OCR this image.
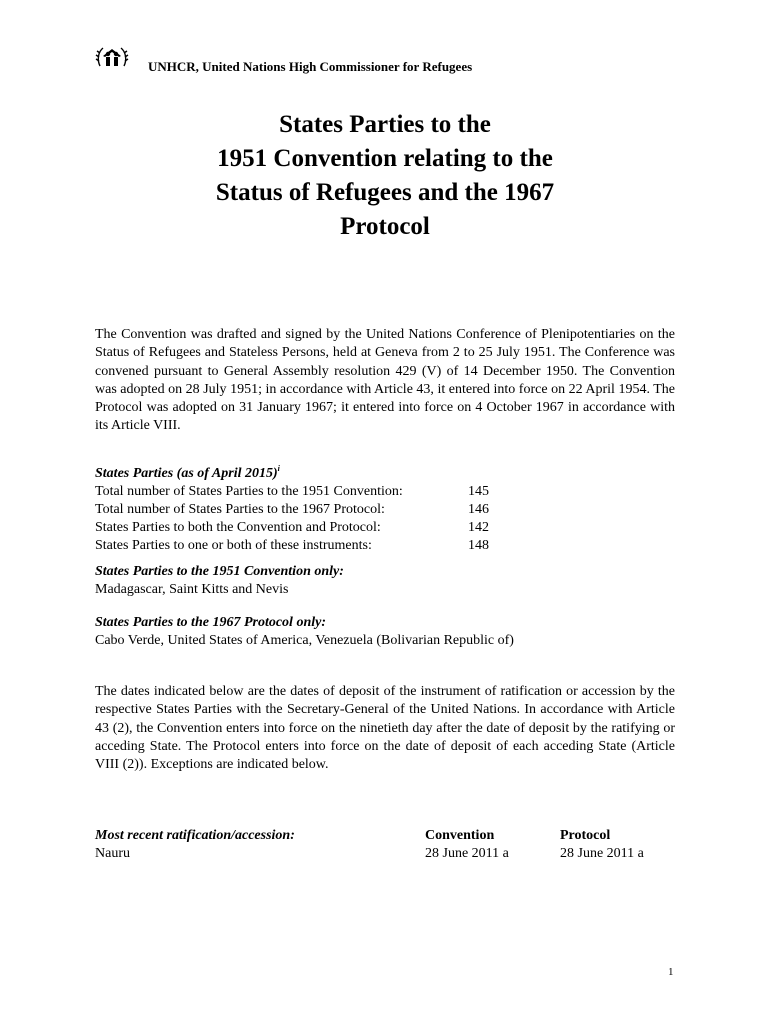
UNHCR, United Nations High Commissioner for Refugees
States Parties to the
1951 Convention relating to the
Status of Refugees and the 1967
Protocol
The Convention was drafted and signed by the United Nations Conference of Plenipotentiaries on the Status of Refugees and Stateless Persons, held at Geneva from 2 to 25 July 1951. The Conference was convened pursuant to General Assembly resolution 429 (V) of 14 December 1950. The Convention was adopted on 28 July 1951; in accordance with Article 43, it entered into force on 22 April 1954. The Protocol was adopted on 31 January 1967; it entered into force on 4 October 1967 in accordance with its Article VIII.
States Parties (as of April 2015)$^i$
Total number of States Parties to the 1951 Convention:	145
Total number of States Parties to the 1967 Protocol:	146
States Parties to both the Convention and Protocol:	142
States Parties to one or both of these instruments:	148
States Parties to the 1951 Convention only:
Madagascar, Saint Kitts and Nevis
States Parties to the 1967 Protocol only:
Cabo Verde, United States of America, Venezuela (Bolivarian Republic of)
The dates indicated below are the dates of deposit of the instrument of ratification or accession by the respective States Parties with the Secretary-General of the United Nations. In accordance with Article 43 (2), the Convention enters into force on the ninetieth day after the date of deposit by the ratifying or acceding State. The Protocol enters into force on the date of deposit of each acceding State (Article VIII (2)). Exceptions are indicated below.
Most recent ratification/accession:	Convention	Protocol
Nauru	28 June 2011 a	28 June 2011 a
1
